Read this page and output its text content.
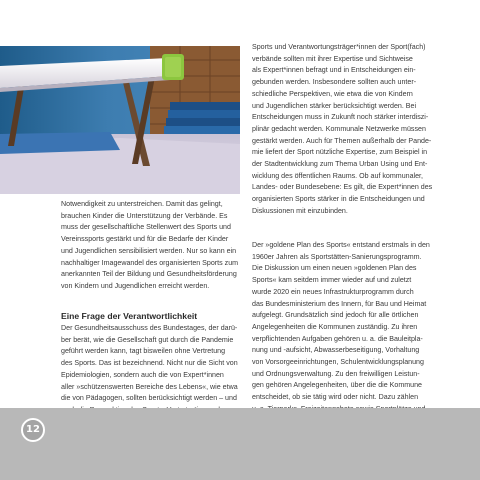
Notwendigkeit zu unterstreichen. Damit das gelingt,

brauchen Kinder die Unterstützung der Verbände. Es

muss der gesellschaftliche Stellenwert des Sports und

Vereinssports gestärkt und für die Bedarfe der Kinder

und Jugendlichen sensibilisiert werden. Nur so kann ein

nachhaltiger Imagewandel des organisierten Sports zum

anerkannten Teil der Bildung und Gesundheitsförderung

von Kindern und Jugendlichen erreicht werden.

Eine Frage der Verantwortlichkeit

Der Gesundheitsausschuss des Bundestages, der darü-

ber berät, wie die Gesellschaft gut durch die Pandemie

geführt werden kann, tagt bisweilen ohne Vertretung

des Sports. Das ist bezeichnend. Nicht nur die Sicht von

Epidemiologien, sondern auch die von Expert*innen

aller »schützenswerten Bereiche des Lebens«, wie etwa

die von Pädagogen, sollten berücksichtigt werden – und

Sports und Verantwortungsträger*innen der Sport(fach)

verbände sollten mit ihrer Expertise und Sichtweise

als Expert*innen befragt und in Entscheidungen ein-

gebunden werden. Insbesondere sollten auch unter-

schiedliche Perspektiven, wie etwa die von Kindern

und Jugendlichen stärker berücksichtigt werden. Bei

Entscheidungen muss in Zukunft noch stärker interdiszi-

plinär gedacht werden. Kommunale Netzwerke müssen

gestärkt werden. Auch für Themen außerhalb der Pande-

mie liefert der Sport nützliche Expertise, zum Beispiel in

der Stadtentwicklung zum Thema Urban Using und Ent-

wicklung des öffentlichen Raums. Ob auf kommunaler,

Landes- oder Bundesebene: Es gilt, die Expert*innen des

organisierten Sports stärker in die Entscheidungen und

Diskussionen mit einzubinden.

Der »goldene Plan des Sports« entstand erstmals in den

1960er Jahren als Sportstätten-Sanierungsprogramm.

Die Diskussion um einen neuen »goldenen Plan des

Sports« kam seitdem immer wieder auf und zuletzt

wurde 2020 ein neues Infrastrukturprogramm durch

das Bundesministerium des Innern, für Bau und Heimat

aufgelegt. Grundsätzlich sind jedoch für alle örtlichen

Angelegenheiten die Kommunen zuständig. Zu ihren

verpflichtenden Aufgaben gehören u. a. die Bauleitpla-

nung und -aufsicht, Abwasserbeseitigung, Vorhaltung

von Vorsorgeeinrichtungen, Schulentwicklungsplanung

und Ordnungsverwaltung. Zu den freiwilligen Leistun-

gen gehören Angelegenheiten, über die die Kommune

entscheidet, ob sie tätig wird oder nicht. Dazu zählen

12
